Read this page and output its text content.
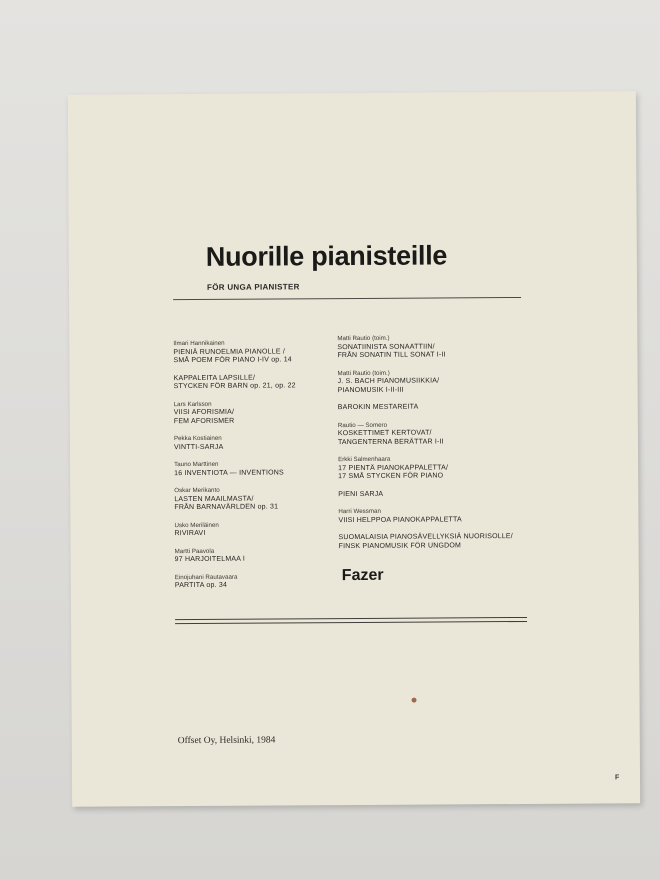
Nuorille pianisteille
FÖR UNGA PIANISTER
Ilmari Hannikainen
PIENIÄ RUNOELMIA PIANOLLE /
SMÅ POEM FÖR PIANO I-IV op. 14
KAPPALEITA LAPSILLE/
STYCKEN FÖR BARN op. 21, op. 22
Lars Karlsson
VIISI AFORISMIA/
FEM AFORISMER
Pekka Kostiainen
VINTTI-SARJA
Tauno Marttinen
16 INVENTIOTA — INVENTIONS
Oskar Merikanto
LASTEN MAAILMASTA/
FRÅN BARNAVÄRLDEN op. 31
Usko Meriläinen
RIVIRAVI
Martti Paavola
97 HARJOITELMAA I
Einojuhani Rautavaara
PARTITA op. 34
Matti Rautio (toim.)
SONATIINISTA SONAATTIIN/
FRÅN SONATIN TILL SONAT I-II
Matti Rautio (toim.)
J. S. BACH PIANOMUSIIKKIA/
PIANOMUSIK I-II-III
BAROKIN MESTAREITA
Rautio — Somero
KOSKETTIMET KERTOVAT/
TANGENTERNA BERÄTTAR I-II
Erkki Salmenhaara
17 PIENTÄ PIANOKAPPALETTA/
17 SMÅ STYCKEN FÖR PIANO
PIENI SARJA
Harri Wessman
VIISI HELPPOA PIANOKAPPALETTA
SUOMALAISIA PIANOSÄVELLYKSIÄ NUORISOLLE/
FINSK PIANOMUSIK FÖR UNGDOM
Fazer
Offset Oy, Helsinki, 1984
F
